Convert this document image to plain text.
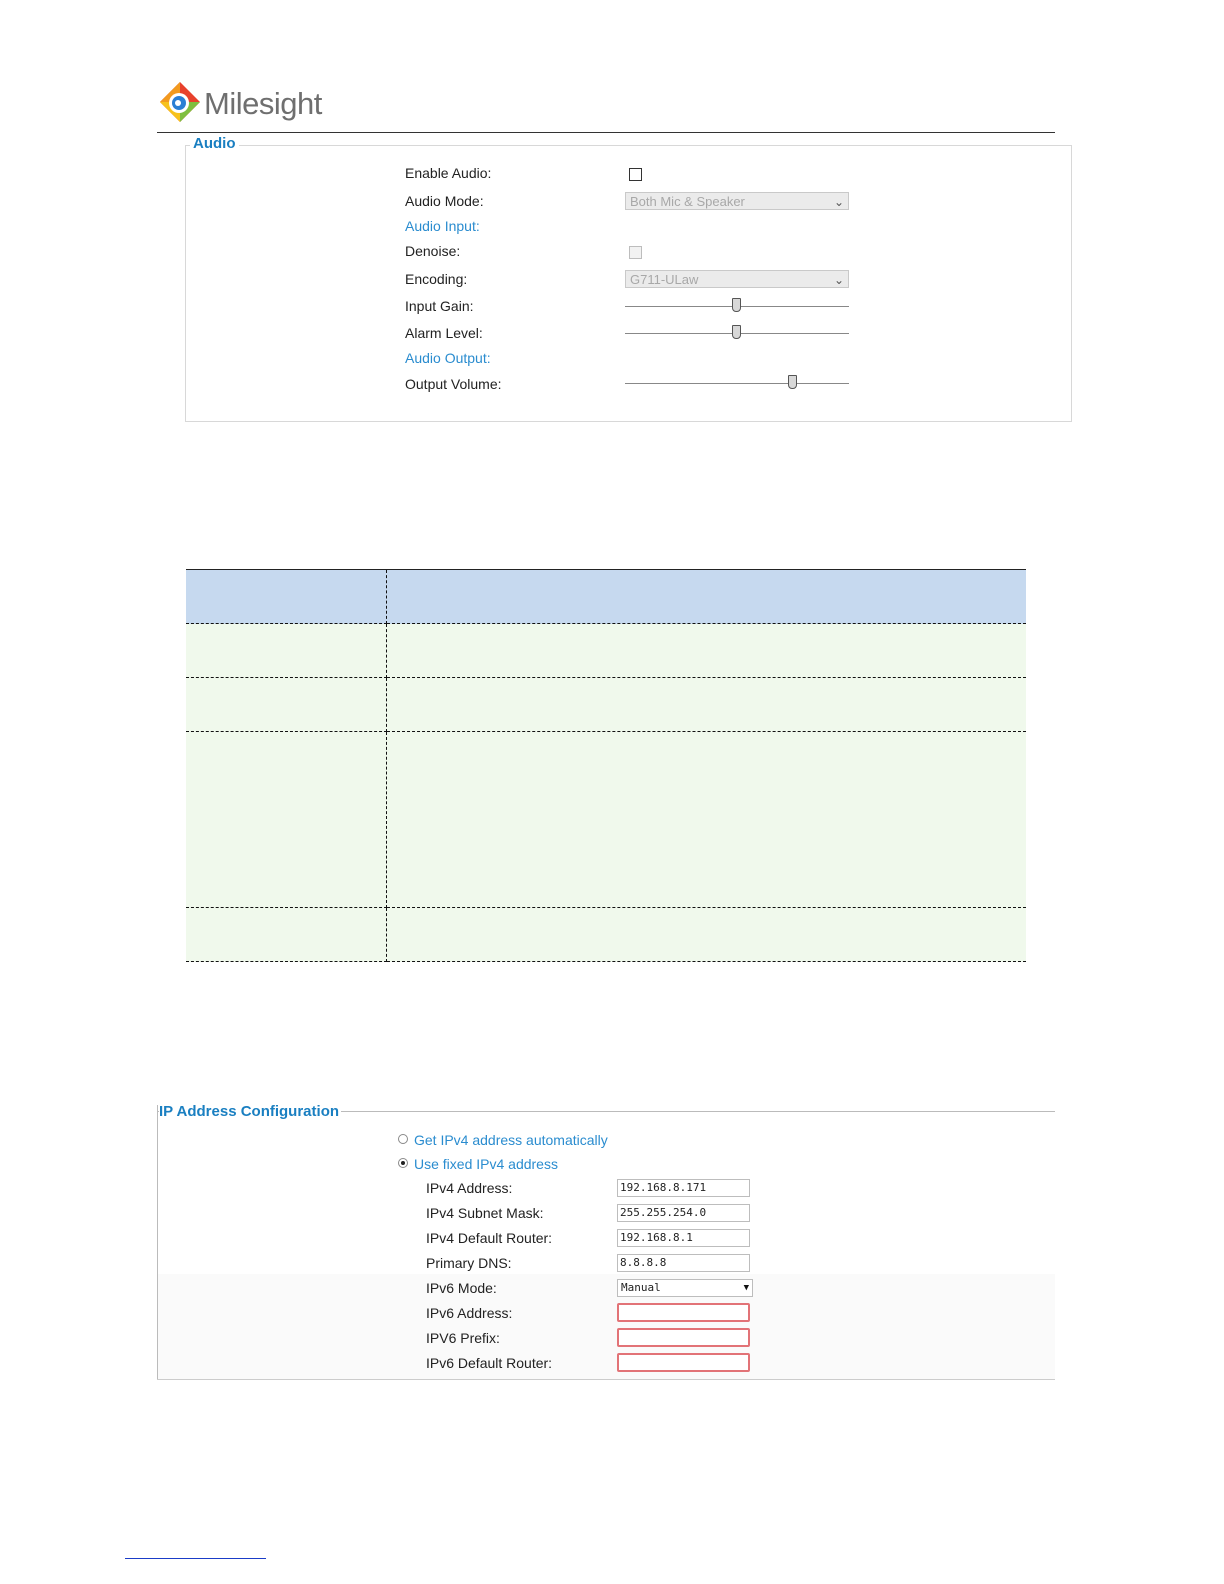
Milesight
Audio
Enable Audio:
Audio Mode:	Both Mic & Speaker	⌄
Audio Input:
Denoise:
Encoding:	G711-ULaw	⌄
Input Gain:
Alarm Level:
Audio Output:
Output Volume:

IP Address Configuration
Get IPv4 address automatically
Use fixed IPv4 address
IPv4 Address:	192.168.8.171
IPv4 Subnet Mask:	255.255.254.0
IPv4 Default Router:	192.168.8.1
Primary DNS:	8.8.8.8
IPv6 Mode:	Manual	▼
IPv6 Address:
IPV6 Prefix:
IPv6 Default Router:
